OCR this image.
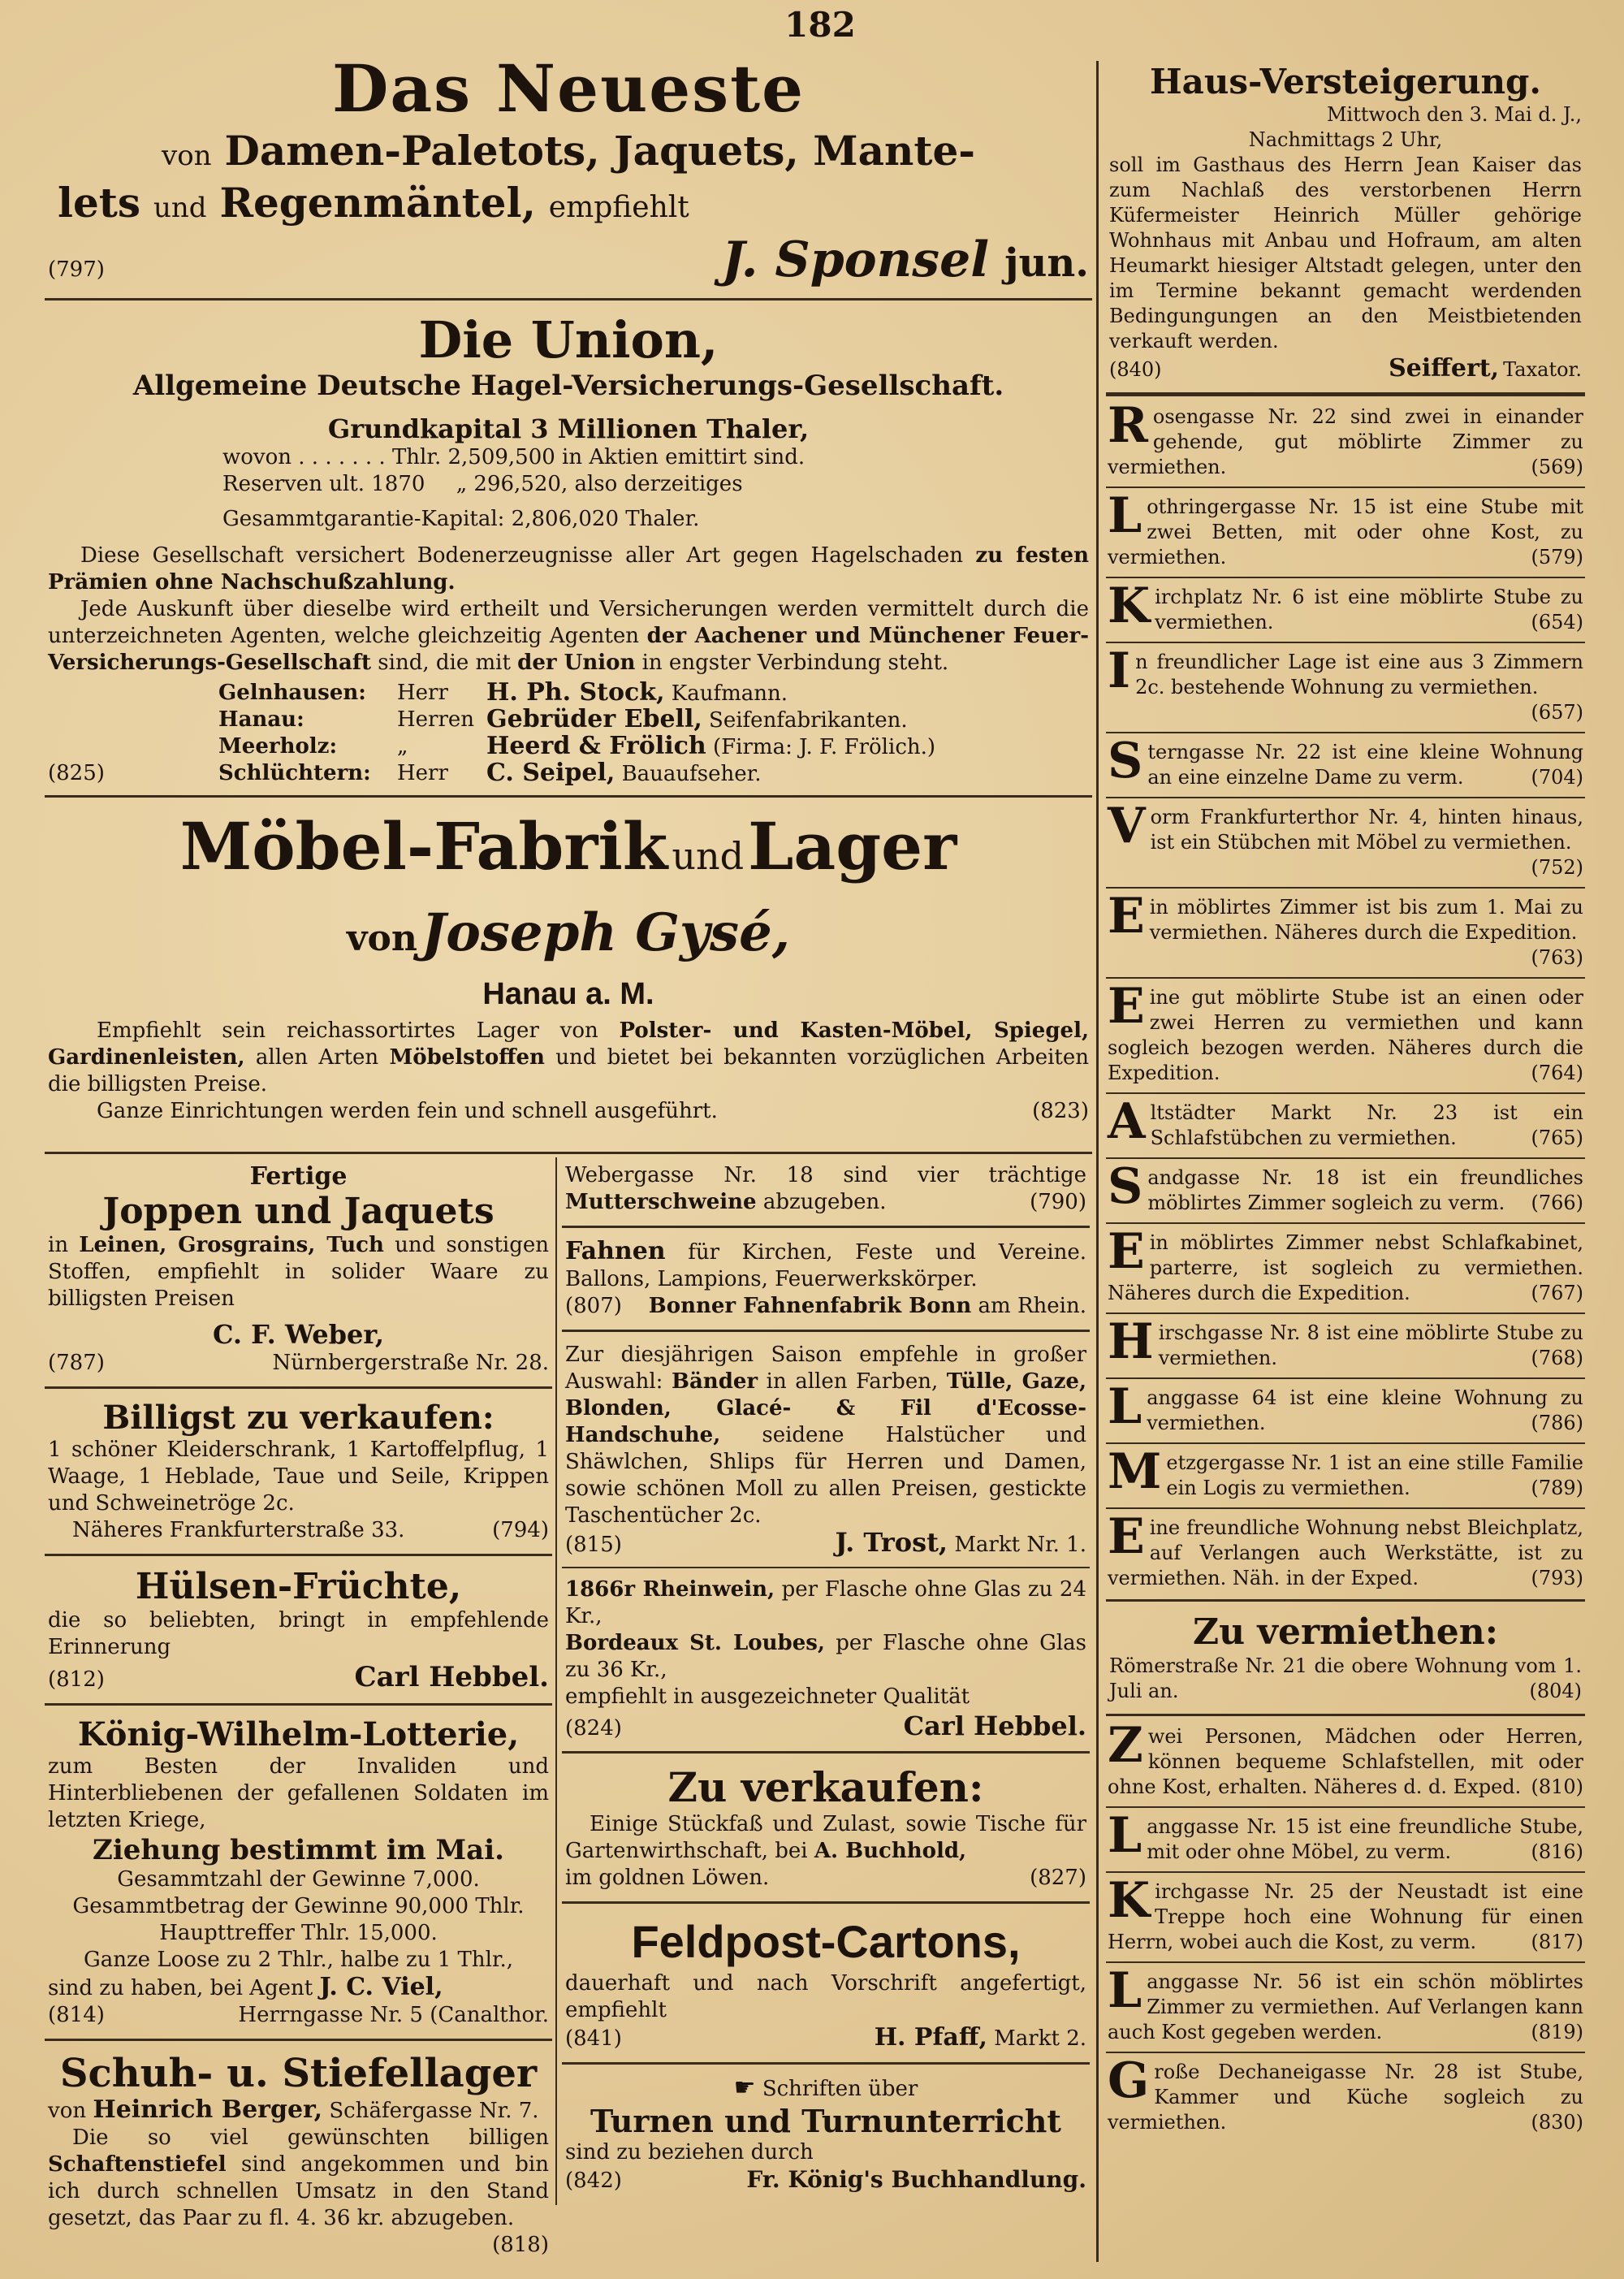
182
Das Neueste
von Damen-Paletots, Jaquets, Mante-
lets und Regenmäntel, empfiehlt
(797)	J. Sponsel jun.
Die Union,
Allgemeine Deutsche Hagel-Versicherungs-Gesellschaft.
Grundkapital 3 Millionen Thaler,
wovon . . . . . . . Thlr. 2,509,500 in Aktien emittirt sind.
Reserven ult. 1870 „ 296,520, also derzeitiges
Gesammtgarantie-Kapital: 2,806,020 Thaler.
Diese Gesellschaft versichert Bodenerzeugnisse aller Art gegen Hagelschaden zu festen Prämien ohne Nachschußzahlung.
Jede Auskunft über dieselbe wird ertheilt und Versicherungen werden vermittelt durch die unterzeichneten Agenten, welche gleichzeitig Agenten der Aachener und Münchener Feuer-Versicherungs-Gesellschaft sind, die mit der Union in engster Verbindung steht.
Gelnhausen:	Herr	H. Ph. Stock, Kaufmann.
Hanau:	Herren Gebrüder Ebell, Seifenfabrikanten.
Meerholz:	„	Heerd & Frölich (Firma: J. F. Frölich.)
Schlüchtern:	Herr	C. Seipel, Bauaufseher.
(825)
Möbel-Fabrik und Lager
von Joseph Gysé,
Hanau a. M.
Empfiehlt sein reichassortirtes Lager von Polster- und Kasten-Möbel, Spiegel, Gardinenleisten, allen Arten Möbelstoffen und bietet bei bekannten vorzüglichen Arbeiten die billigsten Preise.
Ganze Einrichtungen werden fein und schnell ausgeführt.	(823)
Fertige
Joppen und Jaquets
in Leinen, Grosgrains, Tuch und sonstigen Stoffen, empfiehlt in solider Waare zu billigsten Preisen
C. F. Weber,
(787)	Nürnbergerstraße Nr. 28.
Billigst zu verkaufen:
1 schöner Kleiderschrank, 1 Kartoffelpflug, 1 Waage, 1 Heblade, Taue und Seile, Krippen und Schweinetröge 2c.
Näheres Frankfurterstraße 33.	(794)
Hülsen-Früchte,
die so beliebten, bringt in empfehlende Erinnerung
(812)	Carl Hebbel.
König-Wilhelm-Lotterie,
zum Besten der Invaliden und Hinterbliebenen der gefallenen Soldaten im letzten Kriege,
Ziehung bestimmt im Mai.
Gesammtzahl der Gewinne 7,000.
Gesammtbetrag der Gewinne 90,000 Thlr.
Haupttreffer Thlr. 15,000.
Ganze Loose zu 2 Thlr., halbe zu 1 Thlr.,
sind zu haben, bei Agent J. C. Viel,
(814)	Herrngasse Nr. 5 (Canalthor.
Schuh- u. Stiefellager
von Heinrich Berger, Schäfergasse Nr. 7.
Die so viel gewünschten billigen Schaftenstiefel sind angekommen und bin ich durch schnellen Umsatz in den Stand gesetzt, das Paar zu fl. 4. 36 kr. abzugeben.
(818)
Webergasse Nr. 18 sind vier trächtige Mutterschweine abzugeben.	(790)
Fahnen für Kirchen, Feste und Vereine. Ballons, Lampions, Feuerwerkskörper.
(807) Bonner Fahnenfabrik Bonn am Rhein.
Zur diesjährigen Saison empfehle in großer Auswahl: Bänder in allen Farben, Tülle, Gaze, Blonden, Glacé- & Fil d'Ecosse-Handschuhe, seidene Halstücher und Shäwlchen, Shlips für Herren und Damen, sowie schönen Moll zu allen Preisen, gestickte Taschentücher 2c.
(815)	J. Trost, Markt Nr. 1.
1866r Rheinwein, per Flasche ohne Glas zu 24 Kr.,
Bordeaux St. Loubes, per Flasche ohne Glas zu 36 Kr.,
empfiehlt in ausgezeichneter Qualität
(824)	Carl Hebbel.
Zu verkaufen:
Einige Stückfaß und Zulast, sowie Tische für Gartenwirthschaft, bei A. Buchhold,
im goldnen Löwen.	(827)
Feldpost-Cartons,
dauerhaft und nach Vorschrift angefertigt, empfiehlt
(841)	H. Pfaff, Markt 2.
☛ Schriften über
Turnen und Turnunterricht
sind zu beziehen durch
(842)	Fr. König's Buchhandlung.
Haus-Versteigerung.
Mittwoch den 3. Mai d. J.,
Nachmittags 2 Uhr,
soll im Gasthaus des Herrn Jean Kaiser das zum Nachlaß des verstorbenen Herrn Küfermeister Heinrich Müller gehörige Wohnhaus mit Anbau und Hofraum, am alten Heumarkt hiesiger Altstadt gelegen, unter den im Termine bekannt gemacht werdenden Bedingungungen an den Meistbietenden verkauft werden.
(840)	Seiffert, Taxator.
Rosengasse Nr. 22 sind zwei in einander gehende, gut möblirte Zimmer zu vermiethen.	(569)
Lothringergasse Nr. 15 ist eine Stube mit zwei Betten, mit oder ohne Kost, zu vermiethen.	(579)
Kirchplatz Nr. 6 ist eine möblirte Stube zu vermiethen.	(654)
In freundlicher Lage ist eine aus 3 Zimmern 2c. bestehende Wohnung zu vermiethen.
(657)
Sterngasse Nr. 22 ist eine kleine Wohnung an eine einzelne Dame zu verm.	(704)
Vorm Frankfurterthor Nr. 4, hinten hinaus, ist ein Stübchen mit Möbel zu vermiethen.
(752)
Ein möblirtes Zimmer ist bis zum 1. Mai zu vermiethen. Näheres durch die Expedition.
(763)
Eine gut möblirte Stube ist an einen oder zwei Herren zu vermiethen und kann sogleich bezogen werden. Näheres durch die Expedition.	(764)
Altstädter Markt Nr. 23 ist ein Schlafstübchen zu vermiethen.	(765)
Sandgasse Nr. 18 ist ein freundliches möblirtes Zimmer sogleich zu verm. (766)
Ein möblirtes Zimmer nebst Schlafkabinet, parterre, ist sogleich zu vermiethen. Näheres durch die Expedition.	(767)
Hirschgasse Nr. 8 ist eine möblirte Stube zu vermiethen.	(768)
Langgasse 64 ist eine kleine Wohnung zu vermiethen.	(786)
Metzgergasse Nr. 1 ist an eine stille Familie ein Logis zu vermiethen.	(789)
Eine freundliche Wohnung nebst Bleichplatz, auf Verlangen auch Werkstätte, ist zu vermiethen. Näh. in der Exped.	(793)
Zu vermiethen:
Römerstraße Nr. 21 die obere Wohnung vom 1. Juli an.	(804)
Zwei Personen, Mädchen oder Herren, können bequeme Schlafstellen, mit oder ohne Kost, erhalten. Näheres d. d. Exped. (810)
Langgasse Nr. 15 ist eine freundliche Stube, mit oder ohne Möbel, zu verm.	(816)
Kirchgasse Nr. 25 der Neustadt ist eine Treppe hoch eine Wohnung für einen Herrn, wobei auch die Kost, zu verm.	(817)
Langgasse Nr. 56 ist ein schön möblirtes Zimmer zu vermiethen. Auf Verlangen kann auch Kost gegeben werden.	(819)
Große Dechaneigasse Nr. 28 ist Stube, Kammer und Küche sogleich zu vermiethen.	(830)
